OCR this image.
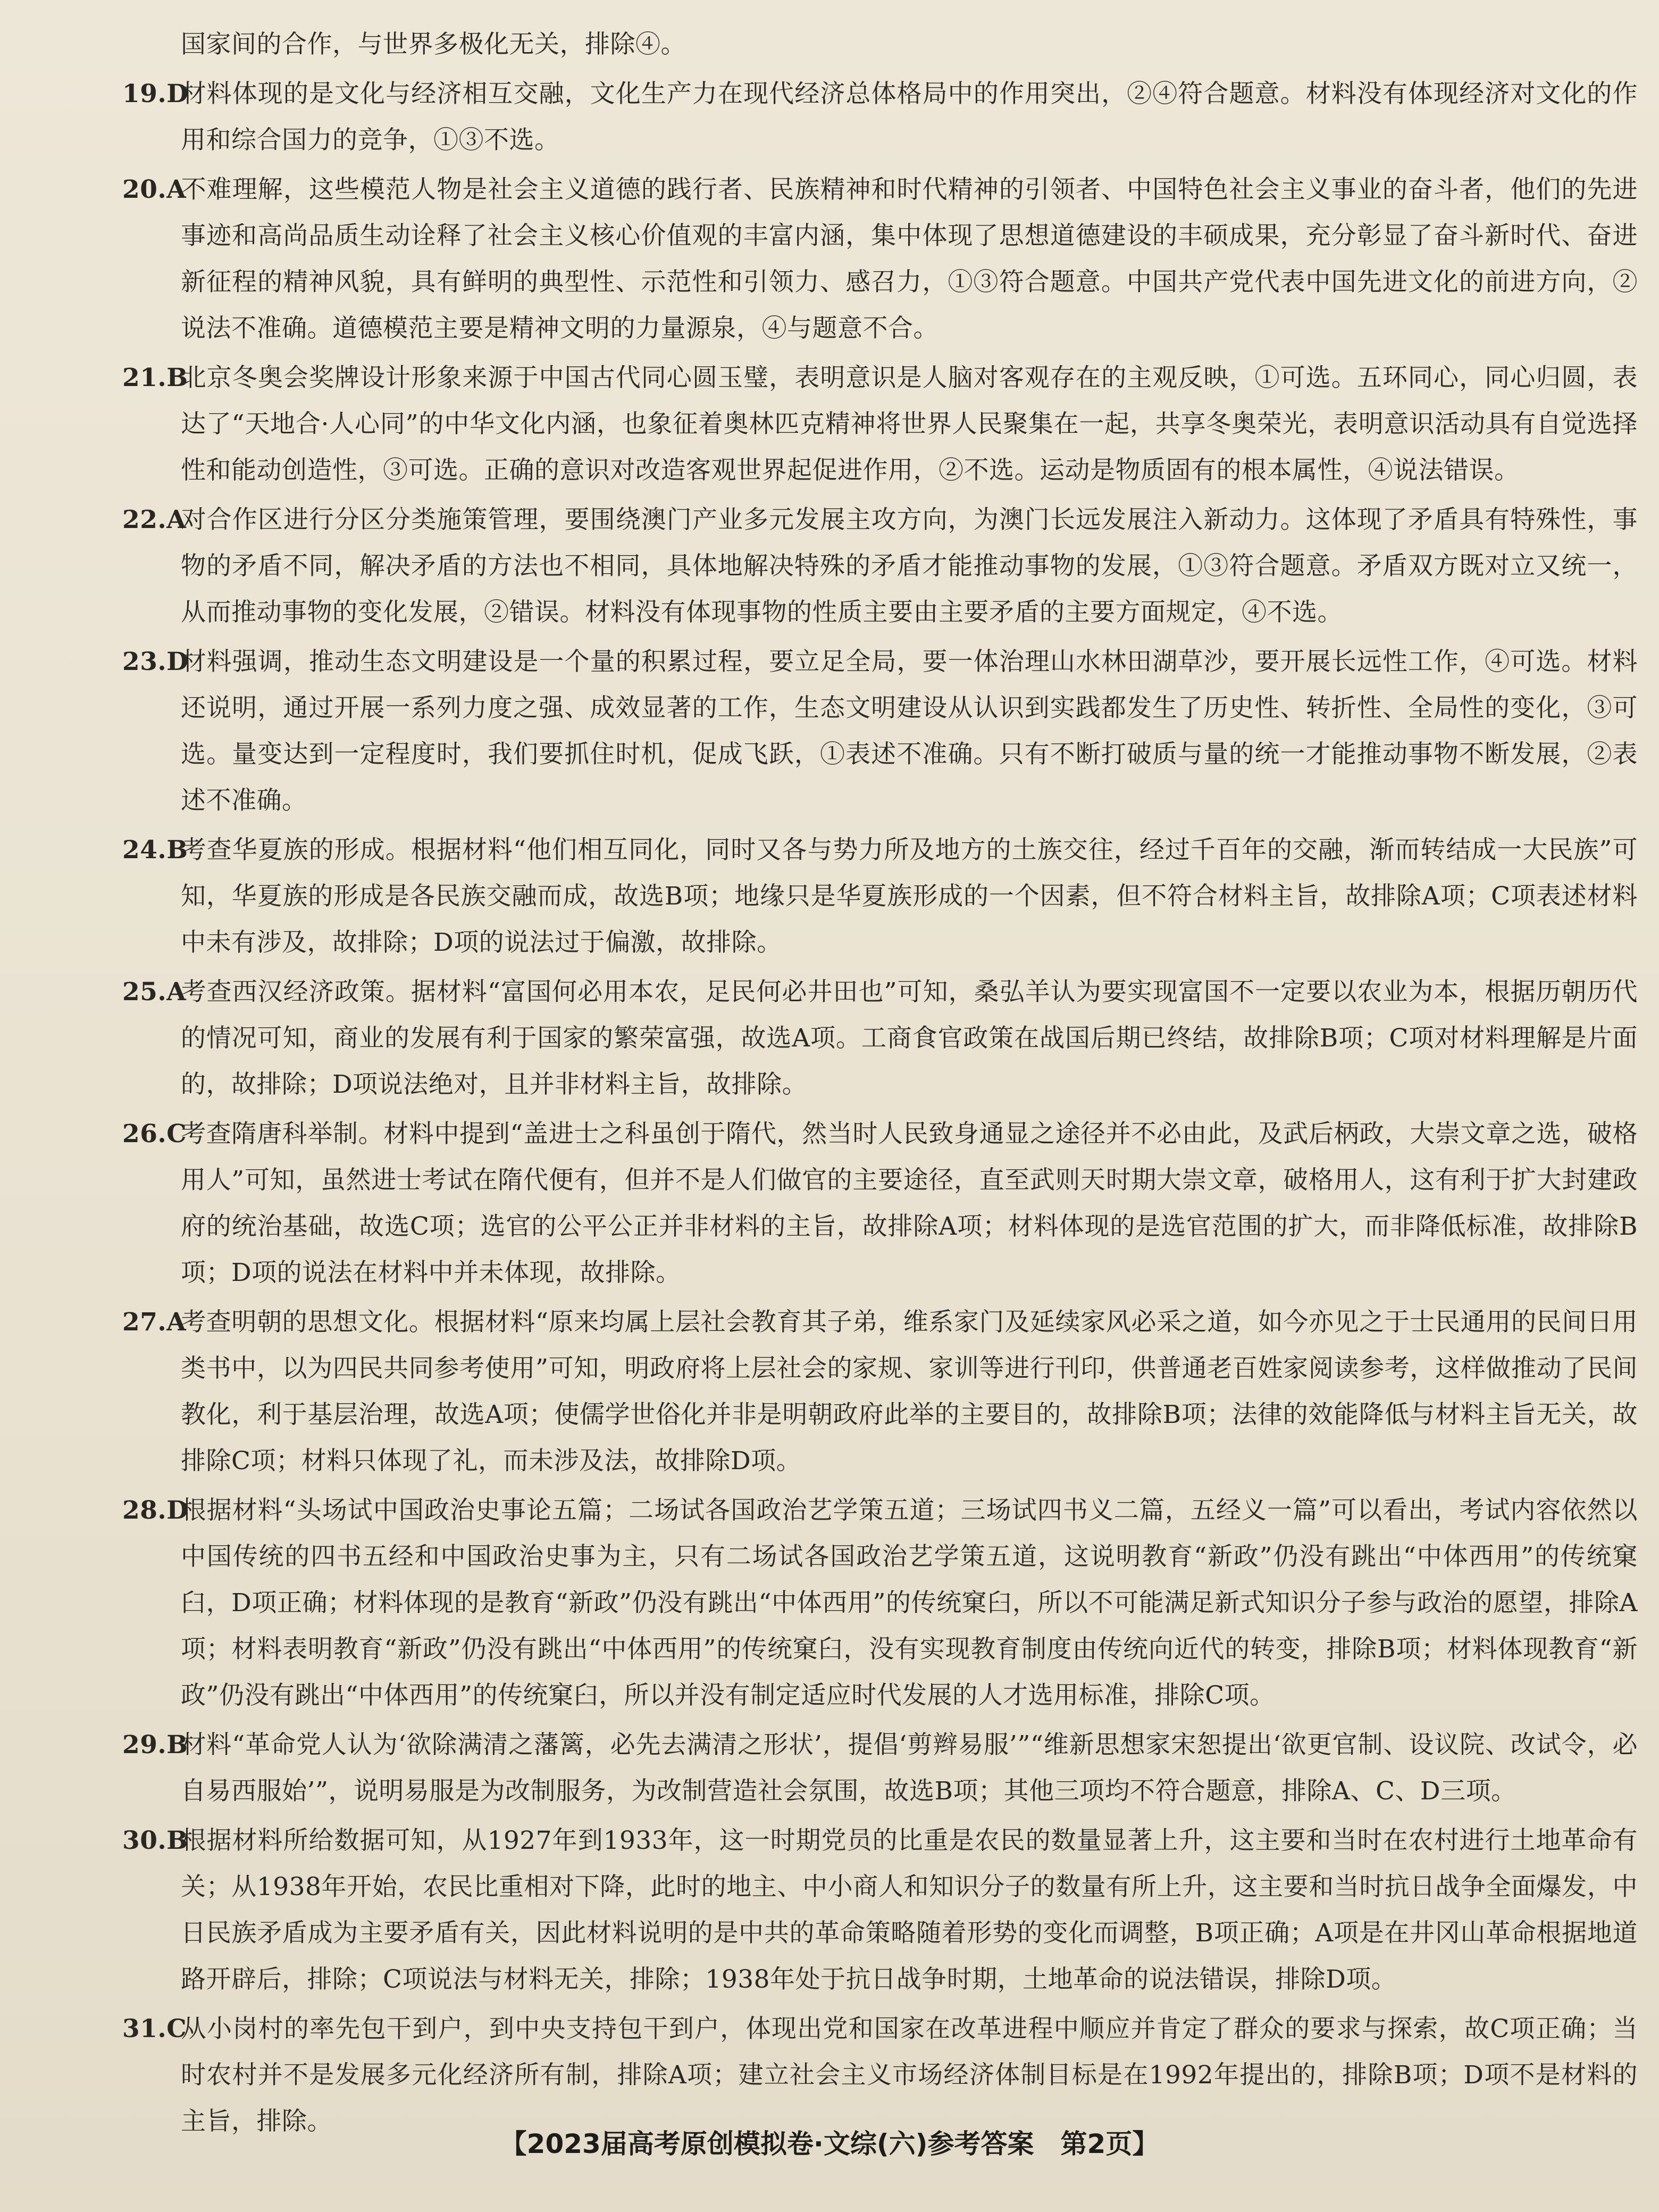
国家间的合作，与世界多极化无关，排除④。

19.D材料体现的是文化与经济相互交融，文化生产力在现代经济总体格局中的作用突出，②④符合题意。材料没有体现经济对文化的作用和综合国力的竞争，①③不选。

20.A不难理解，这些模范人物是社会主义道德的践行者、民族精神和时代精神的引领者、中国特色社会主义事业的奋斗者，他们的先进事迹和高尚品质生动诠释了社会主义核心价值观的丰富内涵，集中体现了思想道德建设的丰硕成果，充分彰显了奋斗新时代、奋进新征程的精神风貌，具有鲜明的典型性、示范性和引领力、感召力，①③符合题意。中国共产党代表中国先进文化的前进方向，②说法不准确。道德模范主要是精神文明的力量源泉，④与题意不合。

21.B北京冬奥会奖牌设计形象来源于中国古代同心圆玉璧，表明意识是人脑对客观存在的主观反映，①可选。五环同心，同心归圆，表达了“天地合·人心同”的中华文化内涵，也象征着奥林匹克精神将世界人民聚集在一起，共享冬奥荣光，表明意识活动具有自觉选择性和能动创造性，③可选。正确的意识对改造客观世界起促进作用，②不选。运动是物质固有的根本属性，④说法错误。

22.A对合作区进行分区分类施策管理，要围绕澳门产业多元发展主攻方向，为澳门长远发展注入新动力。这体现了矛盾具有特殊性，事物的矛盾不同，解决矛盾的方法也不相同，具体地解决特殊的矛盾才能推动事物的发展，①③符合题意。矛盾双方既对立又统一，从而推动事物的变化发展，②错误。材料没有体现事物的性质主要由主要矛盾的主要方面规定，④不选。

23.D材料强调，推动生态文明建设是一个量的积累过程，要立足全局，要一体治理山水林田湖草沙，要开展长远性工作，④可选。材料还说明，通过开展一系列力度之强、成效显著的工作，生态文明建设从认识到实践都发生了历史性、转折性、全局性的变化，③可选。量变达到一定程度时，我们要抓住时机，促成飞跃，①表述不准确。只有不断打破质与量的统一才能推动事物不断发展，②表述不准确。

24.B考查华夏族的形成。根据材料“他们相互同化，同时又各与势力所及地方的土族交往，经过千百年的交融，渐而转结成一大民族”可知，华夏族的形成是各民族交融而成，故选B项；地缘只是华夏族形成的一个因素，但不符合材料主旨，故排除A项；C项表述材料中未有涉及，故排除；D项的说法过于偏激，故排除。

25.A考查西汉经济政策。据材料“富国何必用本农，足民何必井田也”可知，桑弘羊认为要实现富国不一定要以农业为本，根据历朝历代的情况可知，商业的发展有利于国家的繁荣富强，故选A项。工商食官政策在战国后期已终结，故排除B项；C项对材料理解是片面的，故排除；D项说法绝对，且并非材料主旨，故排除。

26.C考查隋唐科举制。材料中提到“盖进士之科虽创于隋代，然当时人民致身通显之途径并不必由此，及武后柄政，大崇文章之选，破格用人”可知，虽然进士考试在隋代便有，但并不是人们做官的主要途径，直至武则天时期大崇文章，破格用人，这有利于扩大封建政府的统治基础，故选C项；选官的公平公正并非材料的主旨，故排除A项；材料体现的是选官范围的扩大，而非降低标准，故排除B项；D项的说法在材料中并未体现，故排除。

27.A考查明朝的思想文化。根据材料“原来均属上层社会教育其子弟，维系家门及延续家风必采之道，如今亦见之于士民通用的民间日用类书中，以为四民共同参考使用”可知，明政府将上层社会的家规、家训等进行刊印，供普通老百姓家阅读参考，这样做推动了民间教化，利于基层治理，故选A项；使儒学世俗化并非是明朝政府此举的主要目的，故排除B项；法律的效能降低与材料主旨无关，故排除C项；材料只体现了礼，而未涉及法，故排除D项。

28.D根据材料“头场试中国政治史事论五篇；二场试各国政治艺学策五道；三场试四书义二篇，五经义一篇”可以看出，考试内容依然以中国传统的四书五经和中国政治史事为主，只有二场试各国政治艺学策五道，这说明教育“新政”仍没有跳出“中体西用”的传统窠臼，D项正确；材料体现的是教育“新政”仍没有跳出“中体西用”的传统窠臼，所以不可能满足新式知识分子参与政治的愿望，排除A项；材料表明教育“新政”仍没有跳出“中体西用”的传统窠臼，没有实现教育制度由传统向近代的转变，排除B项；材料体现教育“新政”仍没有跳出“中体西用”的传统窠臼，所以并没有制定适应时代发展的人才选用标准，排除C项。

29.B材料“革命党人认为‘欲除满清之藩篱，必先去满清之形状’，提倡‘剪辫易服’”“维新思想家宋恕提出‘欲更官制、设议院、改试令，必自易西服始’”，说明易服是为改制服务，为改制营造社会氛围，故选B项；其他三项均不符合题意，排除A、C、D三项。

30.B根据材料所给数据可知，从1927年到1933年，这一时期党员的比重是农民的数量显著上升，这主要和当时在农村进行土地革命有关；从1938年开始，农民比重相对下降，此时的地主、中小商人和知识分子的数量有所上升，这主要和当时抗日战争全面爆发，中日民族矛盾成为主要矛盾有关，因此材料说明的是中共的革命策略随着形势的变化而调整，B项正确；A项是在井冈山革命根据地道路开辟后，排除；C项说法与材料无关，排除；1938年处于抗日战争时期，土地革命的说法错误，排除D项。

31.C从小岗村的率先包干到户，到中央支持包干到户，体现出党和国家在改革进程中顺应并肯定了群众的要求与探索，故C项正确；当时农村并不是发展多元化经济所有制，排除A项；建立社会主义市场经济体制目标是在1992年提出的，排除B项；D项不是材料的主旨，排除。

【2023届高考原创模拟卷·文综(六)参考答案　第2页】
